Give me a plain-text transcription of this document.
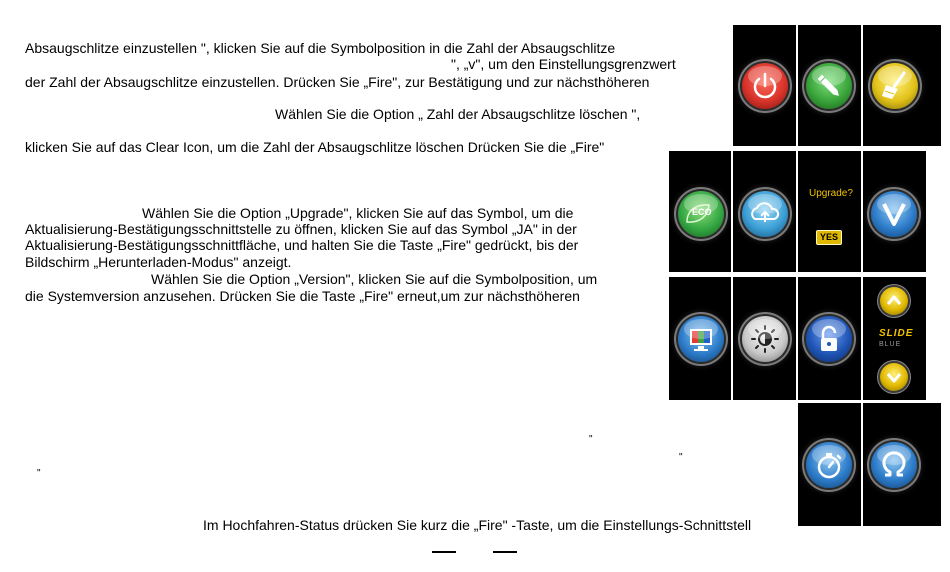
Absaugschlitze einzustellen ", klicken Sie auf die Symbolposition in die Zahl der Absaugschlitze
", „v", um den Einstellungsgrenzwert
der Zahl der Absaugschlitze einzustellen. Drücken Sie „Fire", zur Bestätigung und zur nächsthöheren
Wählen Sie die Option „ Zahl der Absaugschlitze löschen ",
klicken Sie auf das Clear Icon, um die Zahl der Absaugschlitze löschen Drücken Sie die „Fire"
Wählen Sie die Option „Upgrade", klicken Sie auf das Symbol, um die
Aktualisierung-Bestätigungsschnittstelle zu öffnen, klicken Sie auf das Symbol „JA" in der
Aktualisierung-Bestätigungsschnittfläche, und halten Sie die Taste „Fire" gedrückt, bis der
Bildschirm „Herunterladen-Modus" anzeigt.
Wählen Sie die Option „Version", klicken Sie auf die Symbolposition, um
die Systemversion anzusehen. Drücken Sie die Taste „Fire" erneut,um zur nächsthöheren
"
"
"
Im Hochfahren-Status drücken Sie kurz die „Fire" -Taste, um die Einstellungs-Schnittstell
ECO
Upgrade?
YES
SLIDE
BLUE
